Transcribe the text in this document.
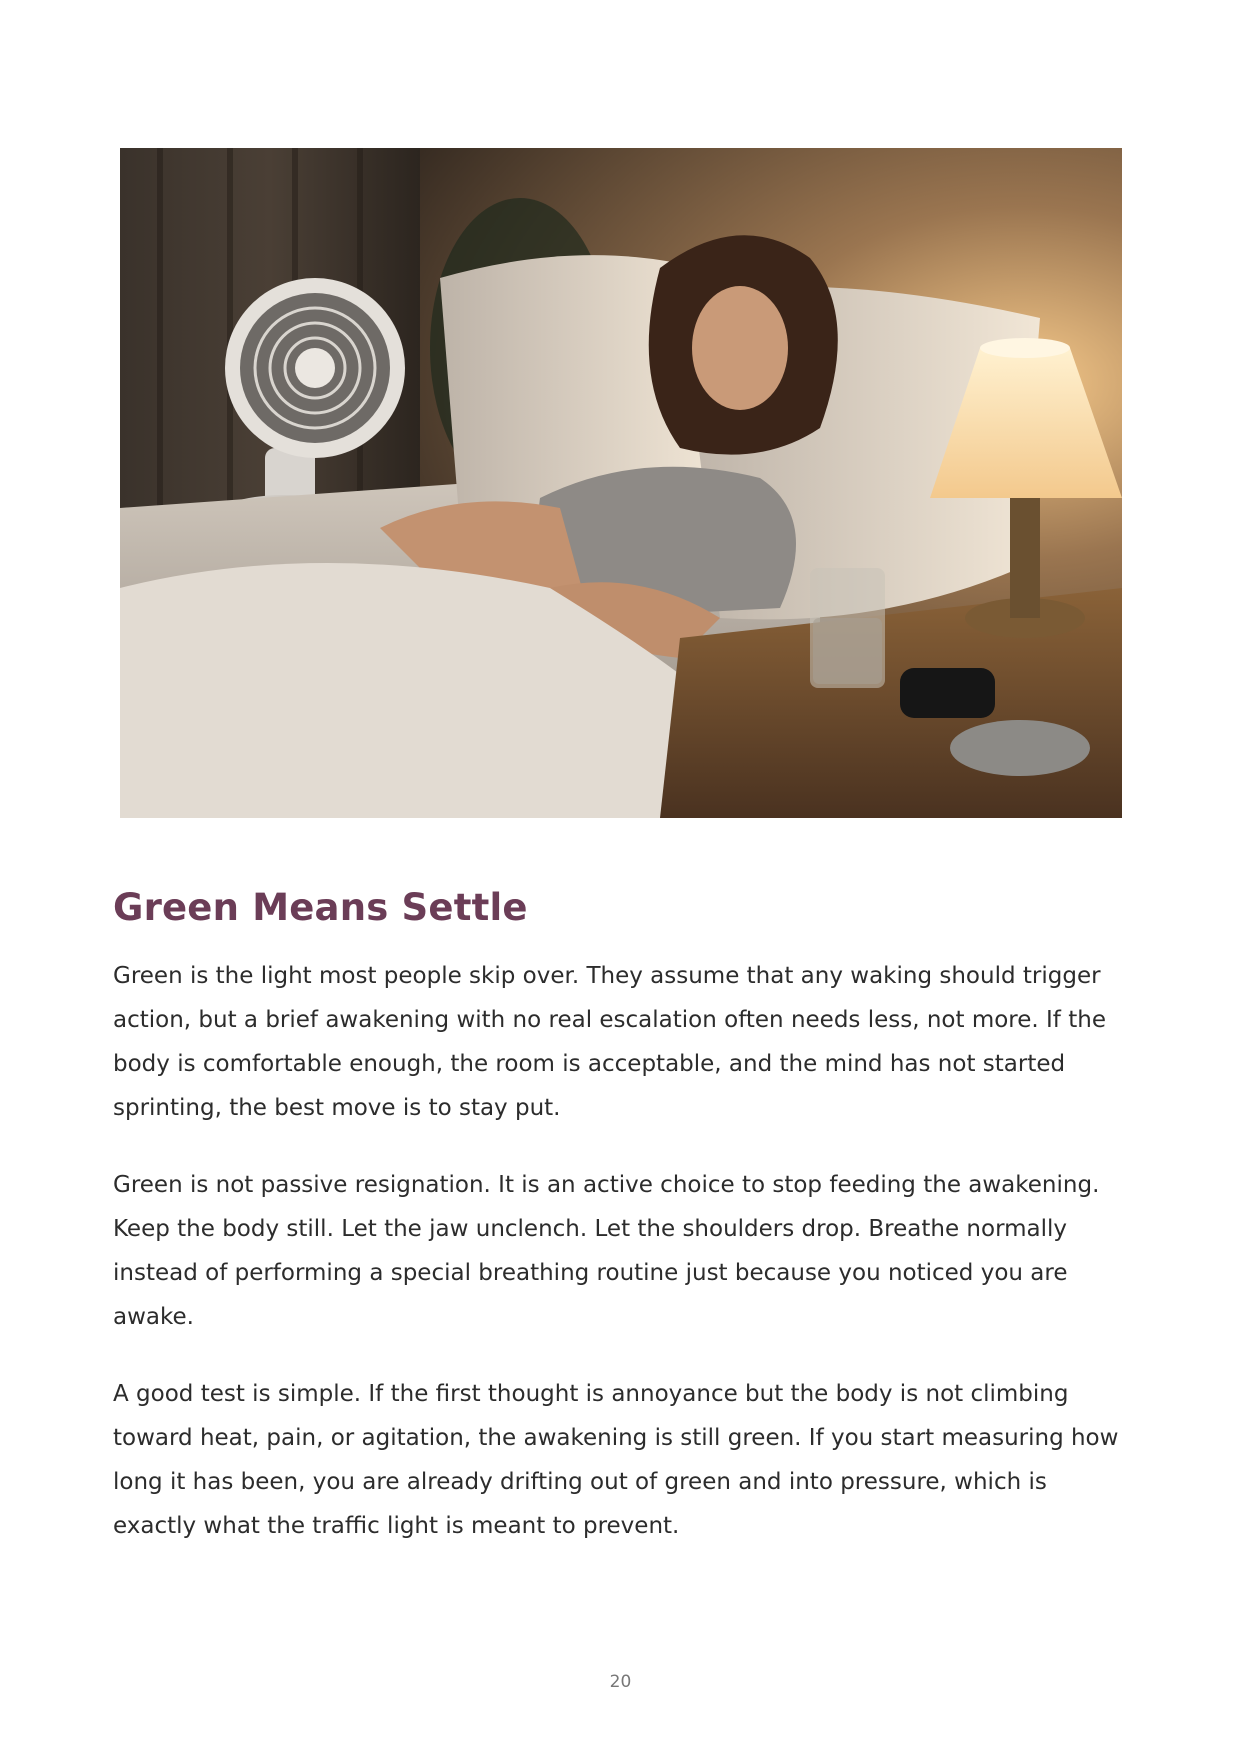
Green Means Settle

Green is the light most people skip over. They assume that any waking should trigger action, but a brief awakening with no real escalation often needs less, not more. If the body is comfortable enough, the room is acceptable, and the mind has not started sprinting, the best move is to stay put.

Green is not passive resignation. It is an active choice to stop feeding the awakening. Keep the body still. Let the jaw unclench. Let the shoulders drop. Breathe normally instead of performing a special breathing routine just because you noticed you are awake.

A good test is simple. If the first thought is annoyance but the body is not climbing toward heat, pain, or agitation, the awakening is still green. If you start measuring how long it has been, you are already drifting out of green and into pressure, which is exactly what the traffic light is meant to prevent.

20
